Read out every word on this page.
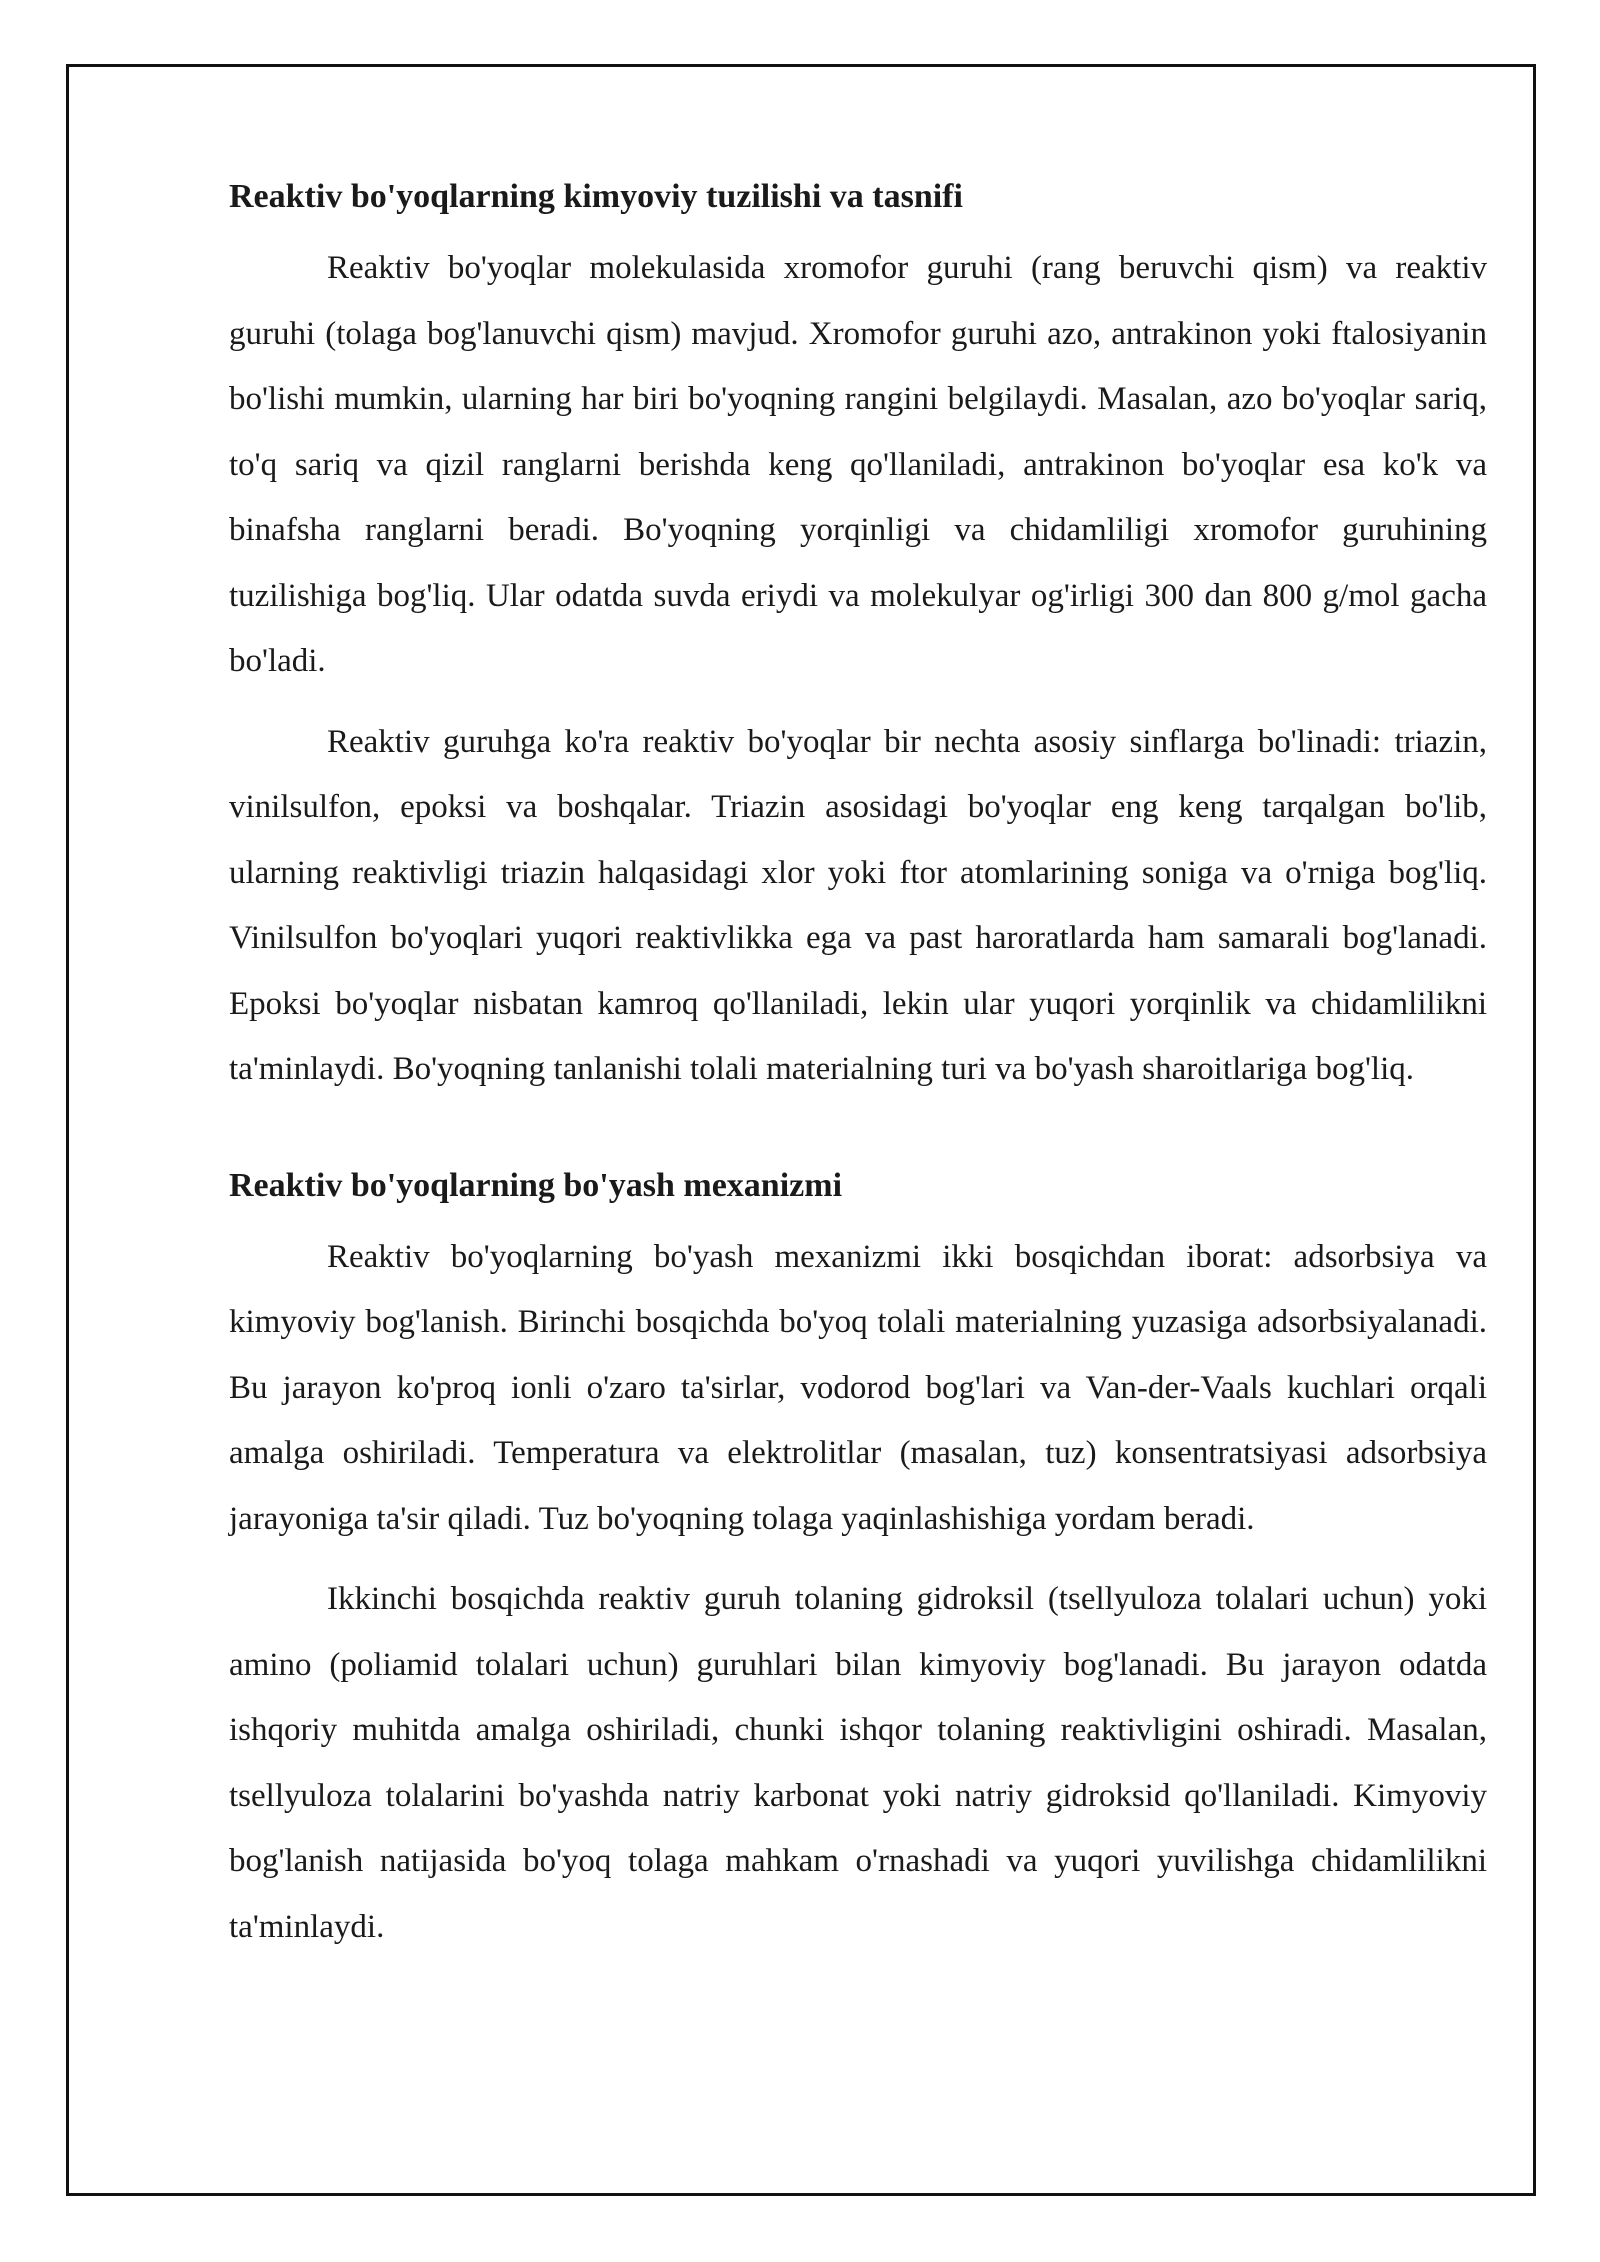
Reaktiv bo'yoqlarning kimyoviy tuzilishi va tasnifi

Reaktiv bo'yoqlar molekulasida xromofor guruhi (rang beruvchi qism) va reaktiv guruhi (tolaga bog'lanuvchi qism) mavjud. Xromofor guruhi azo, antrakinon yoki ftalosiyanin bo'lishi mumkin, ularning har biri bo'yoqning rangini belgilaydi. Masalan, azo bo'yoqlar sariq, to'q sariq va qizil ranglarni berishda keng qo'llaniladi, antrakinon bo'yoqlar esa ko'k va binafsha ranglarni beradi. Bo'yoqning yorqinligi va chidamliligi xromofor guruhining tuzilishiga bog'liq. Ular odatda suvda eriydi va molekulyar og'irligi 300 dan 800 g/mol gacha bo'ladi.

Reaktiv guruhga ko'ra reaktiv bo'yoqlar bir nechta asosiy sinflarga bo'linadi: triazin, vinilsulfon, epoksi va boshqalar. Triazin asosidagi bo'yoqlar eng keng tarqalgan bo'lib, ularning reaktivligi triazin halqasidagi xlor yoki ftor atomlarining soniga va o'rniga bog'liq. Vinilsulfon bo'yoqlari yuqori reaktivlikka ega va past haroratlarda ham samarali bog'lanadi. Epoksi bo'yoqlar nisbatan kamroq qo'llaniladi, lekin ular yuqori yorqinlik va chidamlilikni ta'minlaydi. Bo'yoqning tanlanishi tolali materialning turi va bo'yash sharoitlariga bog'liq.

Reaktiv bo'yoqlarning bo'yash mexanizmi

Reaktiv bo'yoqlarning bo'yash mexanizmi ikki bosqichdan iborat: adsorbsiya va kimyoviy bog'lanish. Birinchi bosqichda bo'yoq tolali materialning yuzasiga adsorbsiyalanadi. Bu jarayon ko'proq ionli o'zaro ta'sirlar, vodorod bog'lari va Van-der-Vaals kuchlari orqali amalga oshiriladi. Temperatura va elektrolitlar (masalan, tuz) konsentratsiyasi adsorbsiya jarayoniga ta'sir qiladi. Tuz bo'yoqning tolaga yaqinlashishiga yordam beradi.

Ikkinchi bosqichda reaktiv guruh tolaning gidroksil (tsellyuloza tolalari uchun) yoki amino (poliamid tolalari uchun) guruhlari bilan kimyoviy bog'lanadi. Bu jarayon odatda ishqoriy muhitda amalga oshiriladi, chunki ishqor tolaning reaktivligini oshiradi. Masalan, tsellyuloza tolalarini bo'yashda natriy karbonat yoki natriy gidroksid qo'llaniladi. Kimyoviy bog'lanish natijasida bo'yoq tolaga mahkam o'rnashadi va yuqori yuvilishga chidamlilikni ta'minlaydi.
